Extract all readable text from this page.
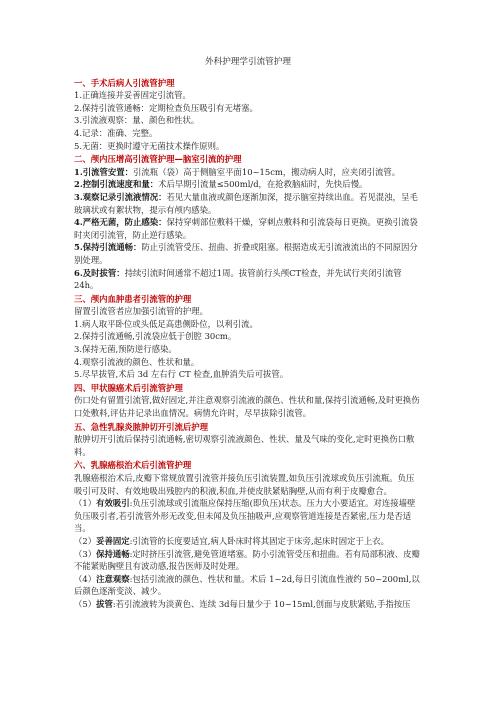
外科护理学引流管护理
一、手术后病人引流管护理

1.正确连接并妥善固定引流管。

2.保持引流管通畅：定期检查负压吸引有无堵塞。

3.引流液观察：量、颜色和性状。

4.记录：准确、完整。

5.无菌：更换时遵守无菌技术操作原则。

二、颅内压增高引流管护理—脑室引流的护理

1.引流管安置：引流瓶（袋）高于侧脑室平面10~15cm，搬动病人时，应夹闭引流管。

2.控制引流速度和量：术后早期引流量≤500ml/d，在抢救脑疝时，先快后慢。

3.观察记录引流液情况：若见大量血液或颜色逐渐加深，提示脑室持续出血。若见混浊，呈毛玻璃状或有絮状物，提示有颅内感染。

4.严格无菌，防止感染：保持穿刺部位敷料干燥，穿刺点敷料和引流袋每日更换。更换引流袋时夹闭引流管，防止逆行感染。

5.保持引流通畅：防止引流管受压、扭曲、折叠或阻塞。根据造成无引流液流出的不同原因分别处理。

6.及时拔管：持续引流时间通常不超过1周。拔管前行头颅CT检查，并先试行夹闭引流管24h。

三、颅内血肿患者引流管的护理

留置引流管者应加强引流管的护理。

1.病人取平卧位或头低足高患侧卧位，以利引流。

2.保持引流通畅,引流袋应低于创腔 30cm。

3.保持无菌,预防逆行感染。

4.观察引流液的颜色、性状和量。

5.尽早拔管,术后 3d 左右行 CT 检查,血肿消失后可拔管。

四、甲状腺癌术后引流管护理

伤口处有留置引流管,做好固定,并注意观察引流液的颜色、性状和量,保持引流通畅,及时更换伤口处敷料,评估并记录出血情况。病情允许时，尽早拔除引流管。

五、急性乳腺炎脓肿切开引流后护理

脓肿切开引流后保持引流通畅,密切观察引流液颜色、性状、量及气味的变化,定时更换伤口敷料。

六、乳腺癌根治术后引流管护理

乳腺癌根治术后,皮瓣下常规放置引流管并接负压引流装置,如负压引流球或负压引流瓶。负压吸引可及时、有效地吸出残腔内的积液,积血,并使皮肤紧贴胸壁,从而有利于皮瓣愈合。

（1）有效吸引:负压引流球或引流瓶应保持压缩(即负压)状态。压力大小要适宜。对连接墙壁负压吸引者,若引流管外形无改变,但未闻及负压抽吸声,应观察管道连接是否紧密,压力是否适当。

（2）妥善固定:引流管的长度要适宜,病人卧床时将其固定于床旁,起床时固定于上衣。

（3）保持通畅:定时挤压引流管,避免管道堵塞。防小引流管受压和扭曲。若有局部积液、皮瓣不能紧贴胸壁且有波动感,报告医师及时处理。

（4）注意观察:包括引流液的颜色、性状和量。术后 1~2d,每日引流血性液约 50~200ml,以后颜色逐渐变淡、减少。

（5）拔管:若引流液转为淡黄色、连续 3d每日量少于 10~15ml,创面与皮肤紧贴,手指按压
